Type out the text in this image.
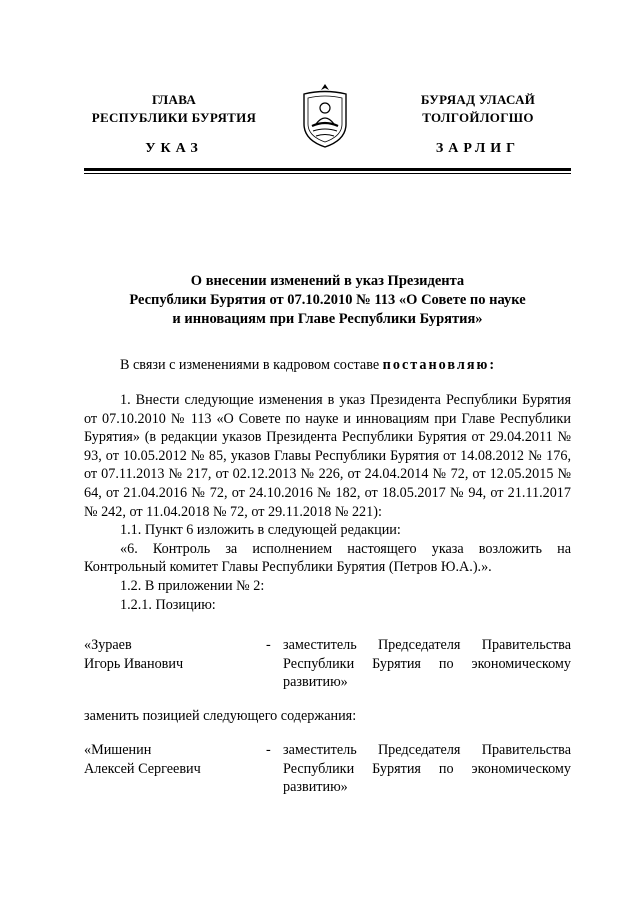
ГЛАВА
РЕСПУБЛИКИ БУРЯТИЯ
УКАЗ
БУРЯАД УЛАСАЙ
ТОЛГОЙЛОГШО
ЗАРЛИГ
О внесении изменений в указ Президента
Республики Бурятия от 07.10.2010 № 113 «О Совете по науке
и инновациям при Главе Республики Бурятия»

В связи с изменениями в кадровом составе постановляю:

1. Внести следующие изменения в указ Президента Республики Бурятия от 07.10.2010 № 113 «О Совете по науке и инновациям при Главе Республики Бурятия» (в редакции указов Президента Республики Бурятия от 29.04.2011 № 93, от 10.05.2012 № 85, указов Главы Республики Бурятия от 14.08.2012 № 176, от 07.11.2013 № 217, от 02.12.2013 № 226, от 24.04.2014 № 72, от 12.05.2015 № 64, от 21.04.2016 № 72, от 24.10.2016 № 182, от 18.05.2017 № 94, от 21.11.2017 № 242, от 11.04.2018 № 72, от 29.11.2018 № 221):

1.1. Пункт 6 изложить в следующей редакции:

«6. Контроль за исполнением настоящего указа возложить на Контрольный комитет Главы Республики Бурятия (Петров Ю.А.).».

1.2. В приложении № 2:

1.2.1. Позицию:

«Зураев
Игорь Иванович
- заместитель Председателя Правительства Республики Бурятия по экономическому развитию»

заменить позицией следующего содержания:

«Мишенин
Алексей Сергеевич
- заместитель Председателя Правительства Республики Бурятия по экономическому развитию»
